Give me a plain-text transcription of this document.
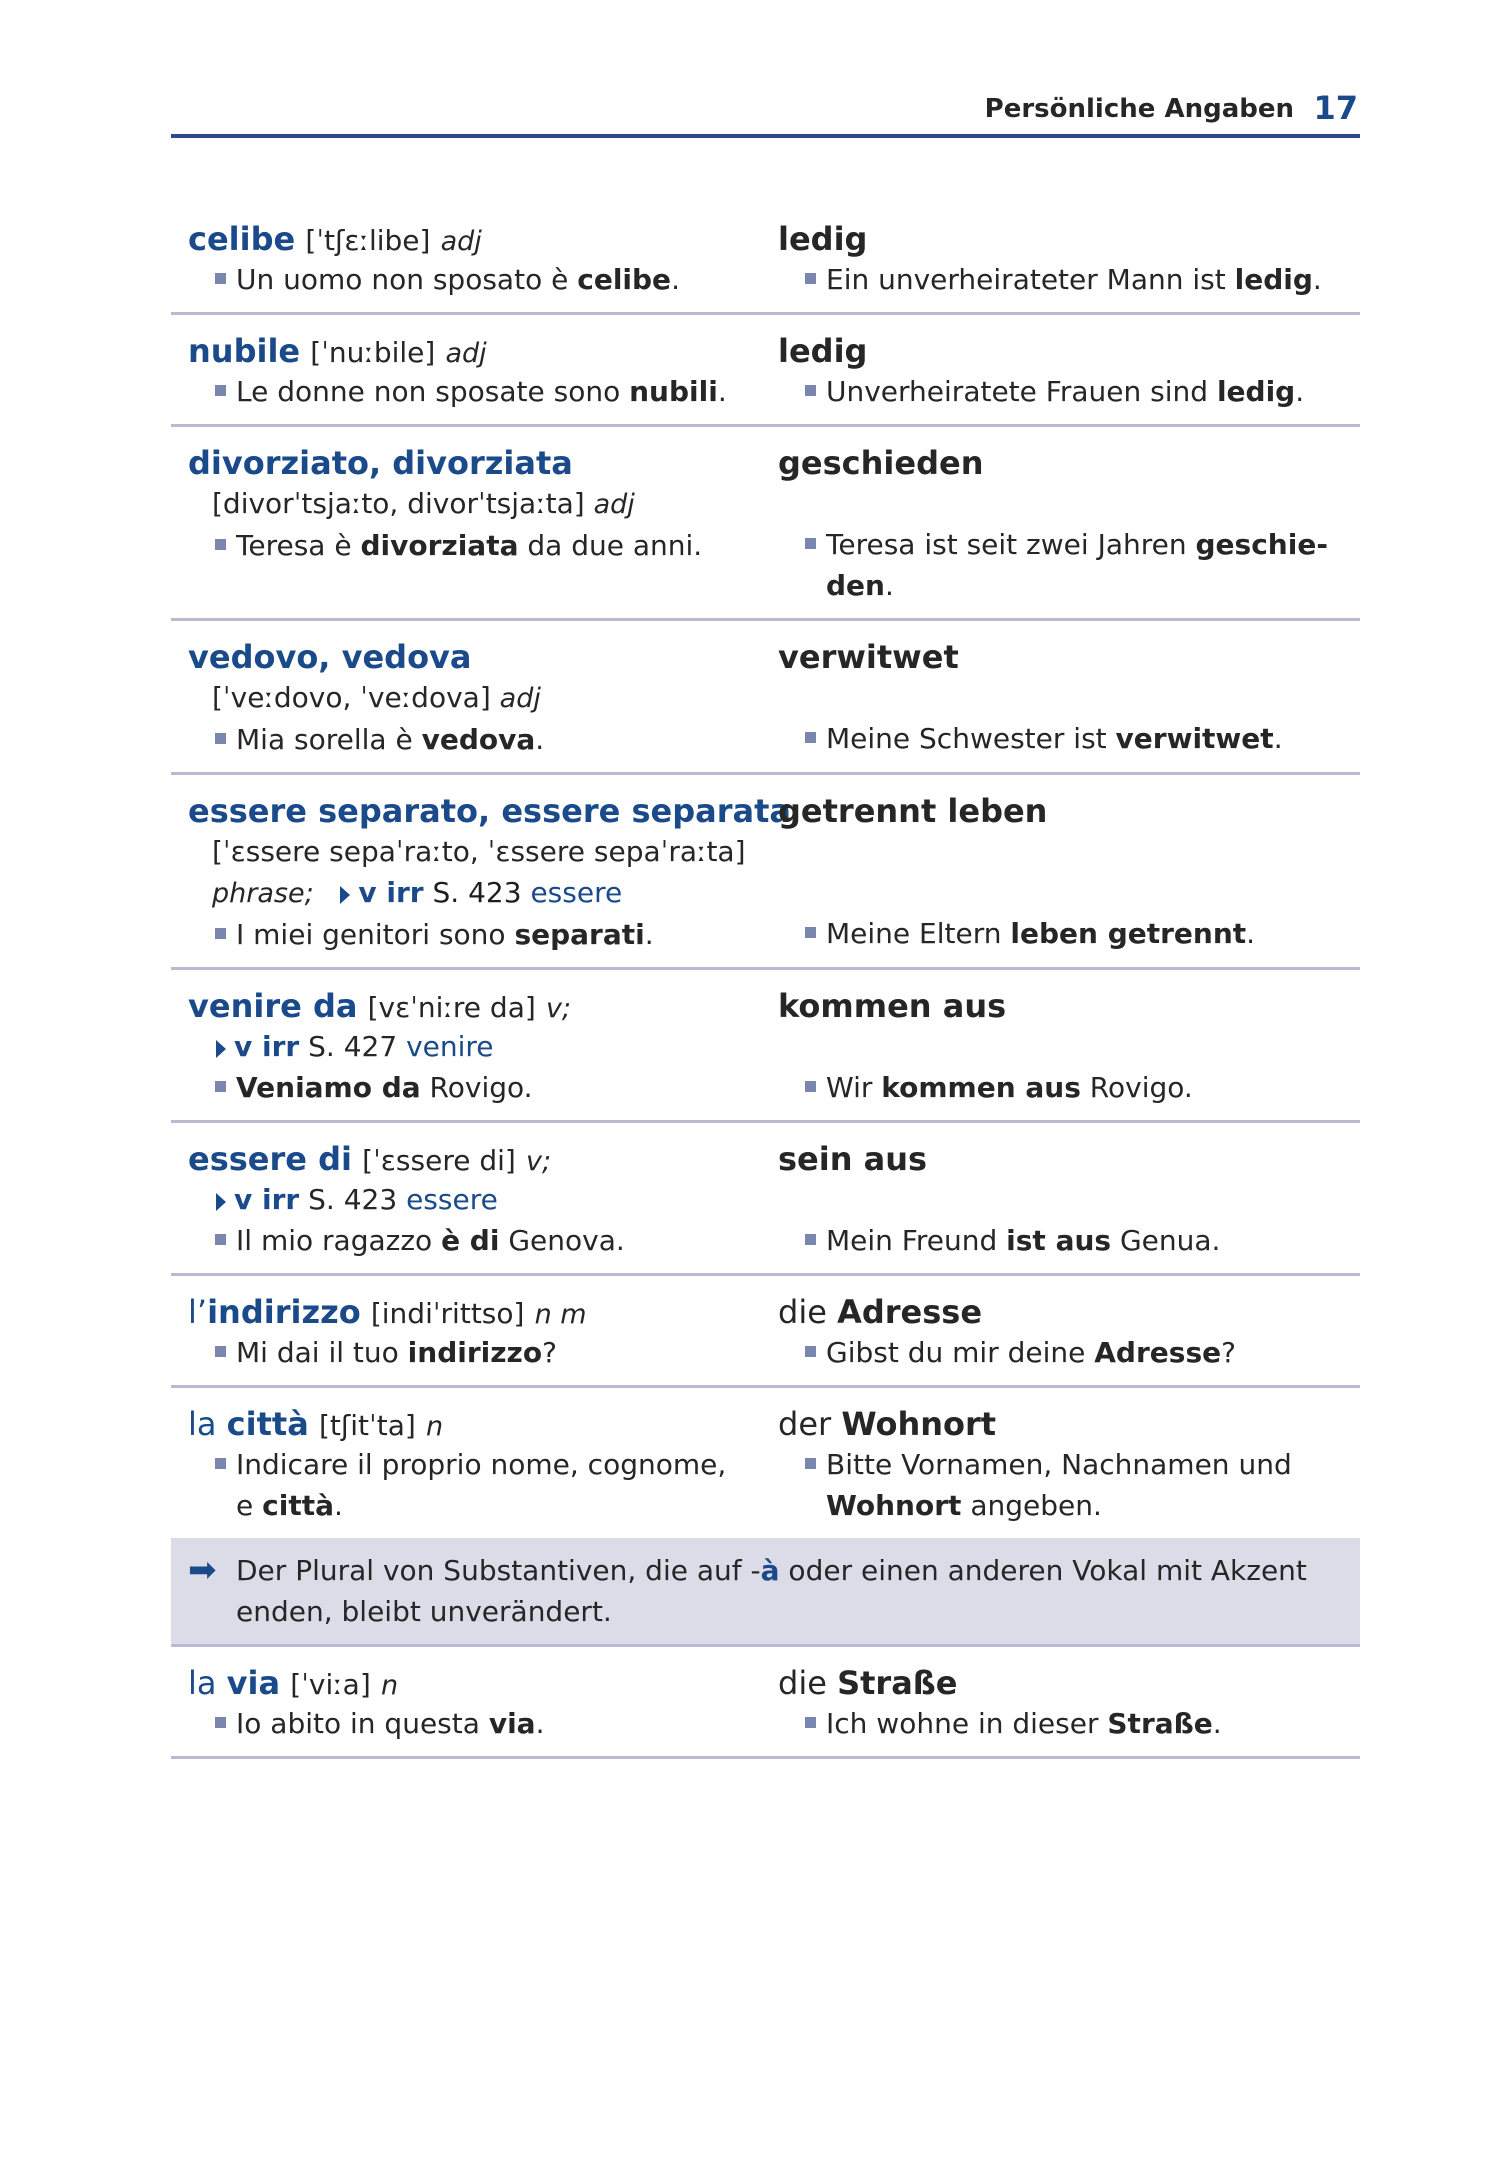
Persönliche Angaben 17
celibe [ˈtʃɛːlibe] adj
Un uomo non sposato è celibe.
ledig
Ein unverheirateter Mann ist ledig.
nubile [ˈnuːbile] adj
Le donne non sposate sono nubili.
ledig
Unverheiratete Frauen sind ledig.
divorziato, divorziata
[divorˈtsjaːto, divorˈtsjaːta] adj
Teresa è divorziata da due anni.
geschieden
Teresa ist seit zwei Jahren geschie-
den.
vedovo, vedova
[ˈveːdovo, ˈveːdova] adj
Mia sorella è vedova.
verwitwet
Meine Schwester ist verwitwet.
essere separato, essere separata
[ˈɛssere sepaˈraːto, ˈɛssere sepaˈraːta]
phrase; v irr S. 423 essere
I miei genitori sono separati.
getrennt leben
Meine Eltern leben getrennt.
venire da [vɛˈniːre da] v;
v irr S. 427 venire
Veniamo da Rovigo.
kommen aus
Wir kommen aus Rovigo.
essere di [ˈɛssere di] v;
v irr S. 423 essere
Il mio ragazzo è di Genova.
sein aus
Mein Freund ist aus Genua.
l’indirizzo [indiˈrittso] n m
Mi dai il tuo indirizzo?
die Adresse
Gibst du mir deine Adresse?
la città [tʃitˈta] n
Indicare il proprio nome, cognome,
e città.
der Wohnort
Bitte Vornamen, Nachnamen und
Wohnort angeben.
➡ Der Plural von Substantiven, die auf -à oder einen anderen Vokal mit Akzent enden, bleibt unverändert.
la via [ˈviːa] n
Io abito in questa via.
die Straße
Ich wohne in dieser Straße.
